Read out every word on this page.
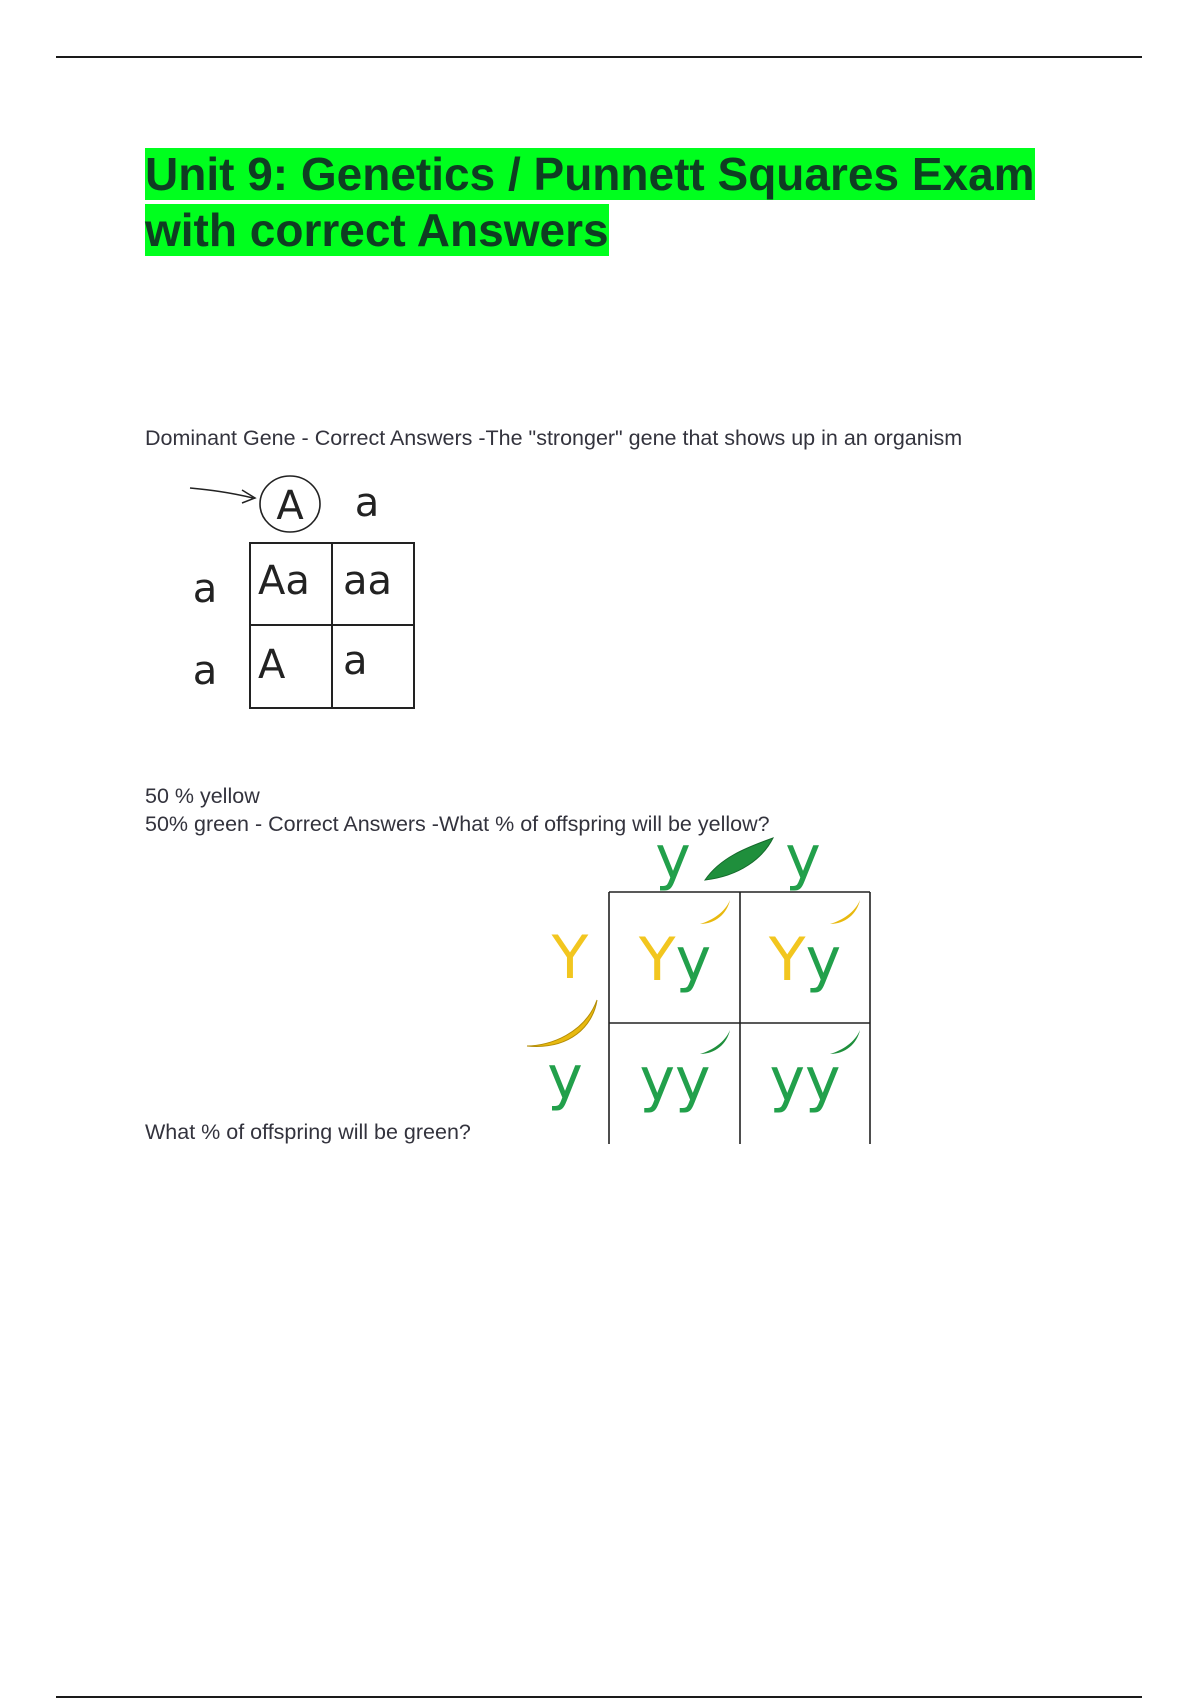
Unit 9: Genetics / Punnett Squares Exam with correct Answers

Dominant Gene - Correct Answers -The "stronger" gene that shows up in an organism

A a
a
a
Aa aa
A a

50 % yellow
50% green - Correct Answers -What % of offspring will be yellow?

y y
Y
y
Yy Yy
yy yy

What % of offspring will be green?
